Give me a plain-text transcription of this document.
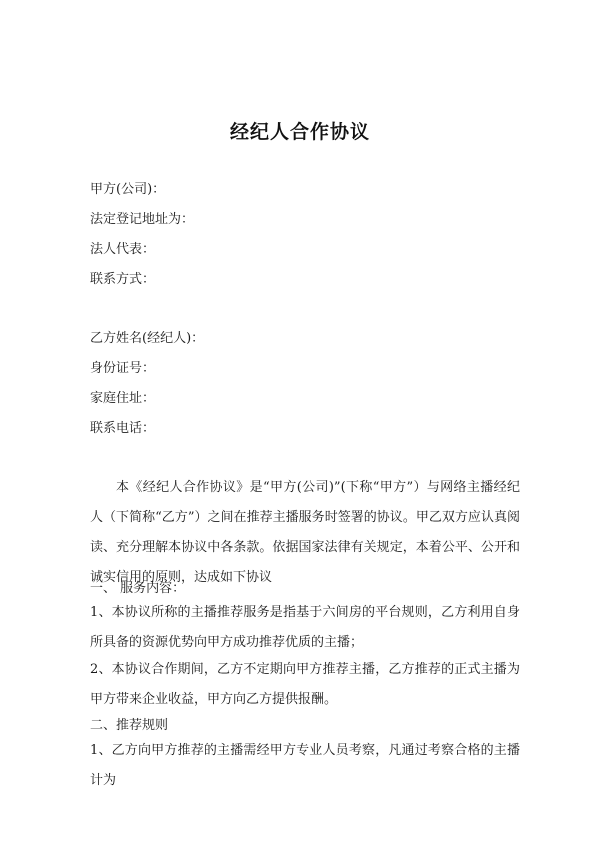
经纪人合作协议
甲方(公司)：
法定登记地址为：
法人代表：
联系方式：
乙方姓名(经纪人)：
身份证号：
家庭住址：
联系电话：
本《经纪人合作协议》是“甲方(公司)”(下称“甲方”）与网络主播经纪人（下简称“乙方”）之间在推荐主播服务时签署的协议。甲乙双方应认真阅读、充分理解本协议中各条款。依据国家法律有关规定，本着公平、公开和诚实信用的原则，达成如下协议
一、 服务内容：
1、本协议所称的主播推荐服务是指基于六间房的平台规则，乙方利用自身所具备的资源优势向甲方成功推荐优质的主播；
2、本协议合作期间，乙方不定期向甲方推荐主播，乙方推荐的正式主播为甲方带来企业收益，甲方向乙方提供报酬。
二、推荐规则
1、乙方向甲方推荐的主播需经甲方专业人员考察，凡通过考察合格的主播计为
